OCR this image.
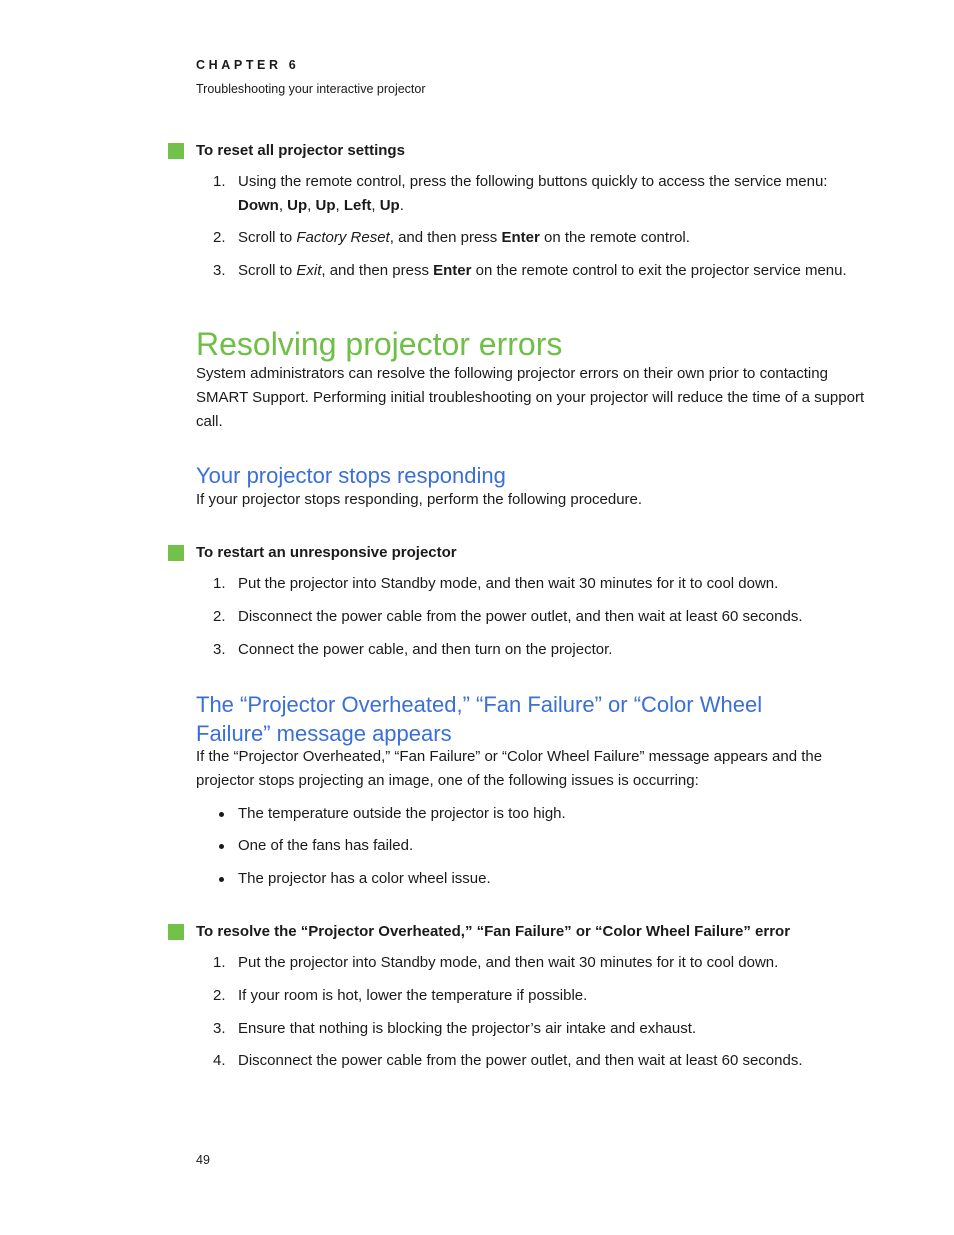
CHAPTER 6
Troubleshooting your interactive projector
To reset all projector settings
1. Using the remote control, press the following buttons quickly to access the service menu: Down, Up, Up, Left, Up.
2. Scroll to Factory Reset, and then press Enter on the remote control.
3. Scroll to Exit, and then press Enter on the remote control to exit the projector service menu.
Resolving projector errors
System administrators can resolve the following projector errors on their own prior to contacting SMART Support. Performing initial troubleshooting on your projector will reduce the time of a support call.
Your projector stops responding
If your projector stops responding, perform the following procedure.
To restart an unresponsive projector
1. Put the projector into Standby mode, and then wait 30 minutes for it to cool down.
2. Disconnect the power cable from the power outlet, and then wait at least 60 seconds.
3. Connect the power cable, and then turn on the projector.
The “Projector Overheated,” “Fan Failure” or “Color Wheel Failure” message appears
If the “Projector Overheated,” “Fan Failure” or “Color Wheel Failure” message appears and the projector stops projecting an image, one of the following issues is occurring:
The temperature outside the projector is too high.
One of the fans has failed.
The projector has a color wheel issue.
To resolve the “Projector Overheated,” “Fan Failure” or “Color Wheel Failure” error
1. Put the projector into Standby mode, and then wait 30 minutes for it to cool down.
2. If your room is hot, lower the temperature if possible.
3. Ensure that nothing is blocking the projector’s air intake and exhaust.
4. Disconnect the power cable from the power outlet, and then wait at least 60 seconds.
49
